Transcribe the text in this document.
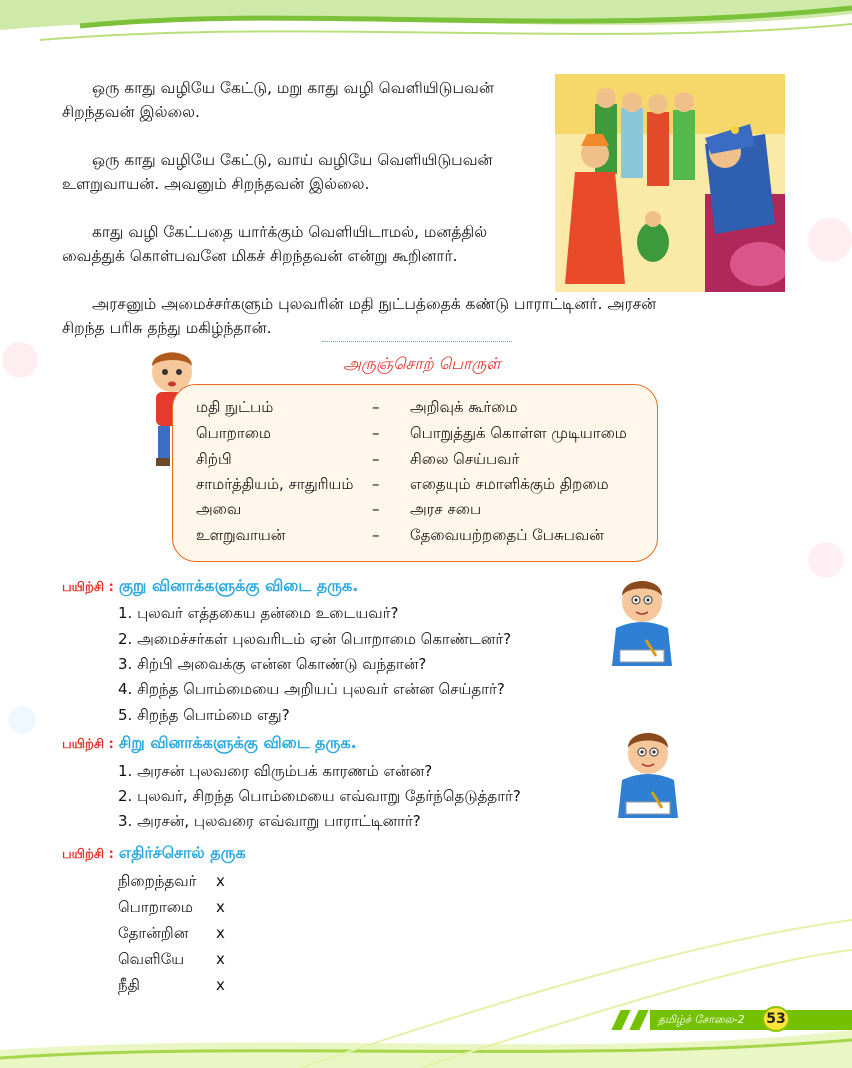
ஒரு காது வழியே கேட்டு, மறு காது வழி வெளியிடுபவன்
சிறந்தவன் இல்லை.
ஒரு காது வழியே கேட்டு, வாய் வழியே வெளியிடுபவன்
உளறுவாயன். அவனும் சிறந்தவன் இல்லை.
காது வழி கேட்பதை யார்க்கும் வெளியிடாமல், மனத்தில்
வைத்துக் கொள்பவனே மிகச் சிறந்தவன் என்று கூறினார்.
அரசனும் அமைச்சர்களும் புலவரின் மதி நுட்பத்தைக் கண்டு பாராட்டினர். அரசன்
சிறந்த பரிசு தந்து மகிழ்ந்தான்.
அருஞ்சொற் பொருள்
மதி நுட்பம்	– அறிவுக் கூர்மை
பொறாமை	– பொறுத்துக் கொள்ள முடியாமை
சிற்பி	– சிலை செய்பவர்
சாமர்த்தியம், சாதுரியம் – எதையும் சமாளிக்கும் திறமை
அவை	– அரச சபை
உளறுவாயன்	– தேவையற்றதைப் பேசுபவன்
பயிற்சி : குறு வினாக்களுக்கு விடை தருக.
1. புலவர் எத்தகைய தன்மை உடையவர்?
2. அமைச்சர்கள் புலவரிடம் ஏன் பொறாமை கொண்டனர்?
3. சிற்பி அவைக்கு என்ன கொண்டு வந்தான்?
4. சிறந்த பொம்மையை அறியப் புலவர் என்ன செய்தார்?
5. சிறந்த பொம்மை எது?
பயிற்சி : சிறு வினாக்களுக்கு விடை தருக.
1. அரசன் புலவரை விரும்பக் காரணம் என்ன?
2. புலவர், சிறந்த பொம்மையை எவ்வாறு தேர்ந்தெடுத்தார்?
3. அரசன், புலவரை எவ்வாறு பாராட்டினார்?
பயிற்சி : எதிர்ச்சொல் தருக
நிறைந்தவர் x
பொறாமை x
தோன்றின x
வெளியே x
நீதி	x
தமிழ்ச் சோலை-2	53
